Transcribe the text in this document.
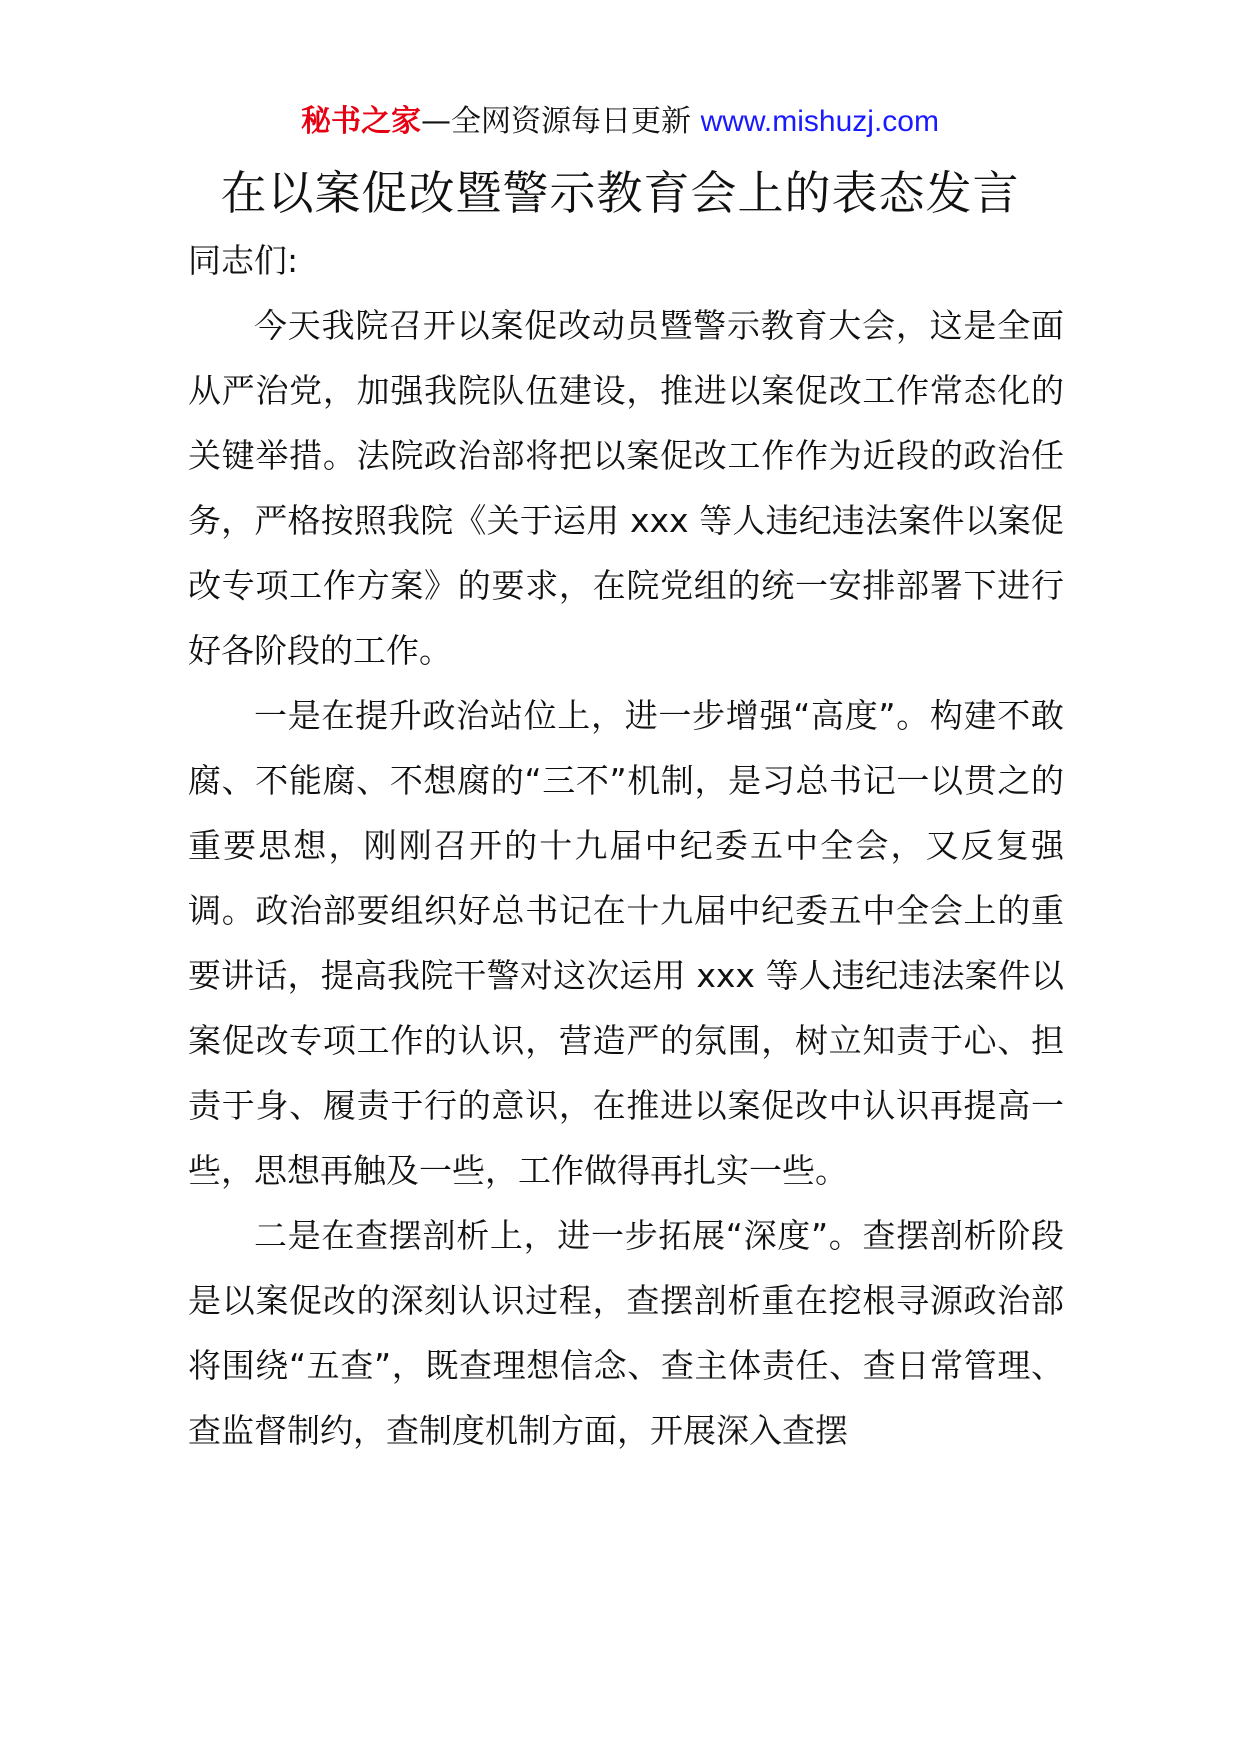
秘书之家—全网资源每日更新 www.mishuzj.com
在以案促改暨警示教育会上的表态发言

同志们:

今天我院召开以案促改动员暨警示教育大会，这是全面从严治党，加强我院队伍建设，推进以案促改工作常态化的关键举措。法院政治部将把以案促改工作作为近段的政治任务，严格按照我院《关于运用 xxx 等人违纪违法案件以案促改专项工作方案》的要求，在院党组的统一安排部署下进行好各阶段的工作。

一是在提升政治站位上，进一步增强“高度”。构建不敢腐、不能腐、不想腐的“三不”机制，是习总书记一以贯之的重要思想，刚刚召开的十九届中纪委五中全会，又反复强调。政治部要组织好总书记在十九届中纪委五中全会上的重要讲话，提高我院干警对这次运用 xxx 等人违纪违法案件以案促改专项工作的认识，营造严的氛围，树立知责于心、担责于身、履责于行的意识，在推进以案促改中认识再提高一些，思想再触及一些，工作做得再扎实一些。

二是在查摆剖析上，进一步拓展“深度”。查摆剖析阶段是以案促改的深刻认识过程，查摆剖析重在挖根寻源政治部将围绕“五查”，既查理想信念、查主体责任、查日常管理、查监督制约，查制度机制方面，开展深入查摆
